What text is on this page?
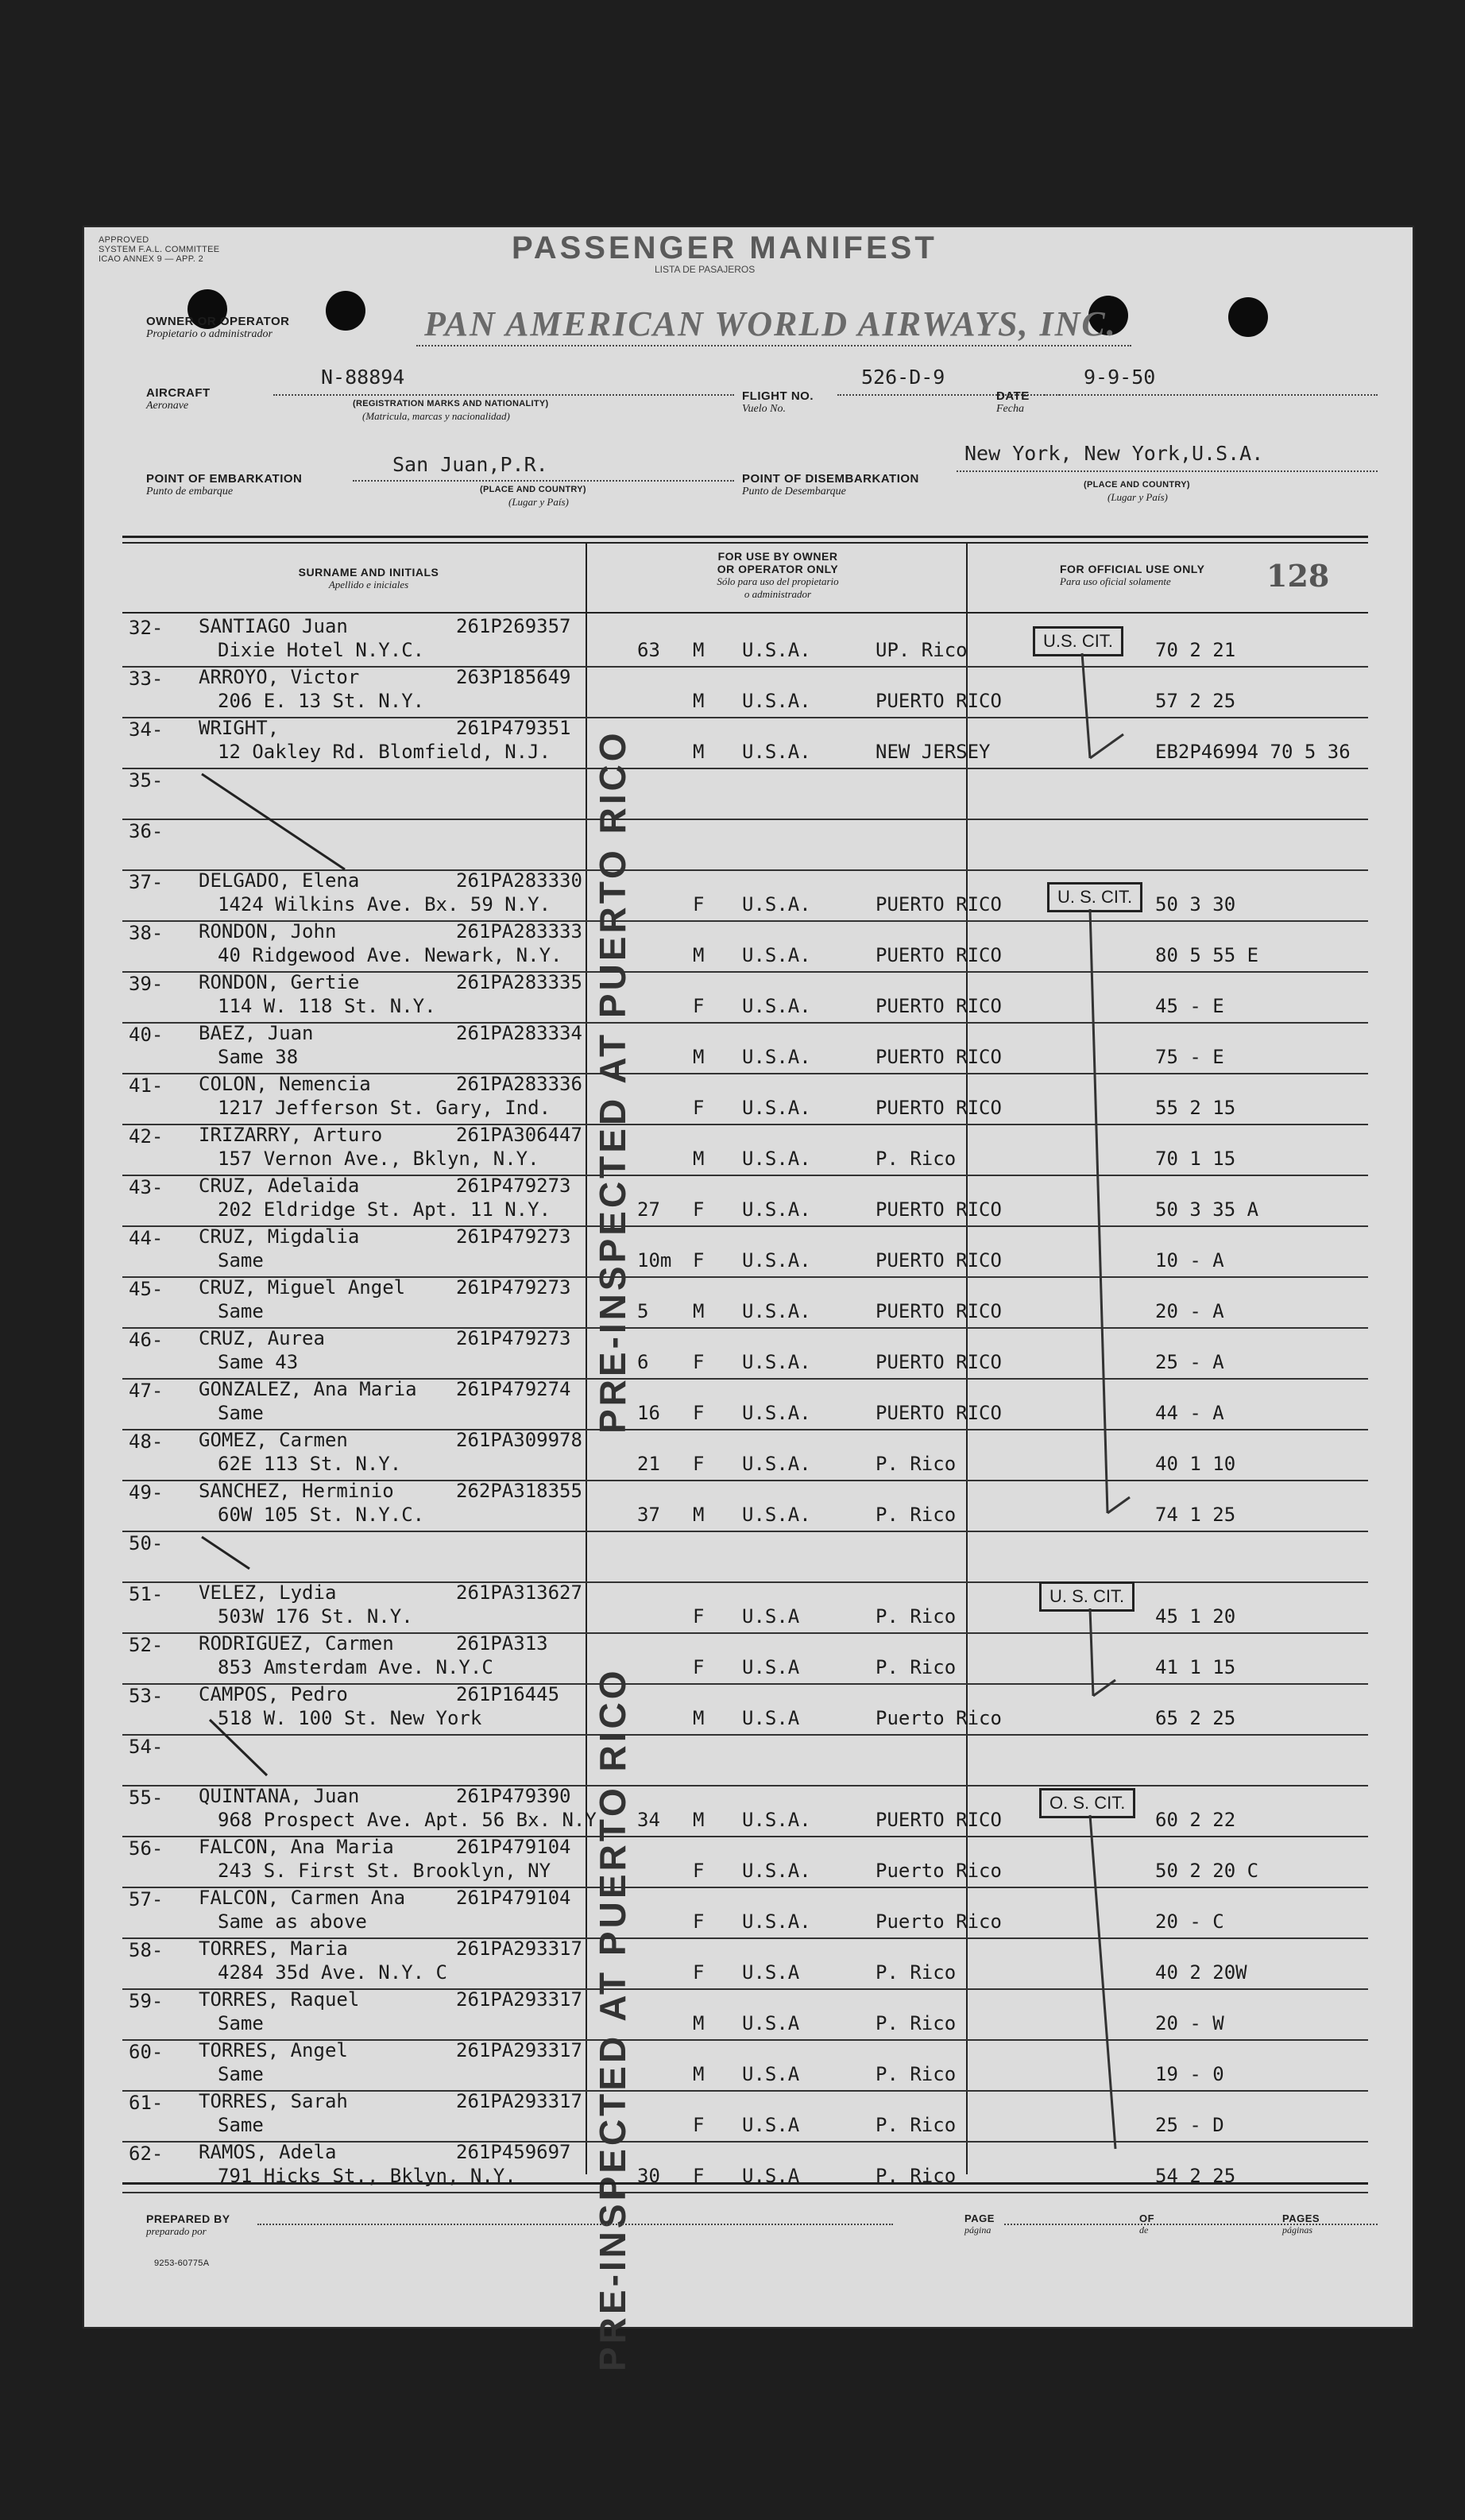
APPROVED
SYSTEM F.A.L. COMMITTEE
ICAO ANNEX 9 — APP. 2	PASSENGER MANIFEST
LISTA DE PASAJEROS
OWNER OR OPERATOR
Propietario o administrador	PAN AMERICAN WORLD AIRWAYS, INC.
AIRCRAFT
Aeronave
N-88894
(REGISTRATION MARKS AND NATIONALITY)
(Matricula, marcas y nacionalidad)
FLIGHT NO.
Vuelo No.
526-D-9
DATE
Fecha
9-9-50
POINT OF EMBARKATION
Punto de embarque
San Juan,P.R.
(PLACE AND COUNTRY)
(Lugar y País)
POINT OF DISEMBARKATION
Punto de Desembarque
New York, New York,U.S.A.
(PLACE AND COUNTRY)
(Lugar y País)
SURNAME AND INITIALS
Apellido e iniciales
FOR USE BY OWNER
OR OPERATOR ONLY
Sólo para uso del propietario
o administrador
FOR OFFICIAL USE ONLY
Para uso oficial solamente	128
32- SANTIAGO Juan	261P269357
Dixie Hotel N.Y.C.	63 M U.S.A.	UP. Rico	70 2 21
33- ARROYO, Victor	263P185649
206 E. 13 St. N.Y.	M U.S.A.	PUERTO RICO	57 2 25
34- WRIGHT,	261P479351
12 Oakley Rd. Blomfield, N.J.	M U.S.A.	NEW JERSEY	EB2P46994 70 5 36
35-
36-
37- DELGADO, Elena	261PA283330
1424 Wilkins Ave. Bx. 59 N.Y.	F U.S.A.	PUERTO RICO	50 3 30
38- RONDON, John	261PA283333
40 Ridgewood Ave. Newark, N.Y.	M U.S.A.	PUERTO RICO	80 5 55 E
39- RONDON, Gertie	261PA283335
114 W. 118 St. N.Y.	F U.S.A.	PUERTO RICO	45 - E
40- BAEZ, Juan	261PA283334
Same 38	M U.S.A.	PUERTO RICO	75 - E
41- COLON, Nemencia	261PA283336
1217 Jefferson St. Gary, Ind.	F U.S.A.	PUERTO RICO	55 2 15
42- IRIZARRY, Arturo	261PA306447
157 Vernon Ave., Bklyn, N.Y.	M U.S.A.	P. Rico	70 1 15
43- CRUZ, Adelaida	261P479273
202 Eldridge St. Apt. 11 N.Y.	27 F U.S.A.	PUERTO RICO	50 3 35 A
44- CRUZ, Migdalia	261P479273
Same	10m F U.S.A.	PUERTO RICO	10 - A
45- CRUZ, Miguel Angel	261P479273
Same	5 M U.S.A.	PUERTO RICO	20 - A
46- CRUZ, Aurea	261P479273
Same 43	6 F U.S.A.	PUERTO RICO	25 - A
47- GONZALEZ, Ana Maria 261P479274
Same	16 F U.S.A.	PUERTO RICO	44 - A
48- GOMEZ, Carmen	261PA309978
62E 113 St. N.Y.	21 F U.S.A.	P. Rico	40 1 10
49- SANCHEZ, Herminio	262PA318355
60W 105 St. N.Y.C.	37 M U.S.A.	P. Rico	74 1 25
50-
51- VELEZ, Lydia	261PA313627
503W 176 St. N.Y.	F U.S.A	P. Rico	45 1 20
52- RODRIGUEZ, Carmen	261PA313
853 Amsterdam Ave. N.Y.C	F U.S.A	P. Rico	41 1 15
53- CAMPOS, Pedro	261P16445
518 W. 100 St. New York	M U.S.A	Puerto Rico	65 2 25
54-
55- QUINTANA, Juan	261P479390
968 Prospect Ave. Apt. 56 Bx. N.Y. 34 M U.S.A.	PUERTO RICO	60 2 22
56- FALCON, Ana Maria	261P479104
243 S. First St. Brooklyn, NY	F U.S.A.	Puerto Rico	50 2 20 C
57- FALCON, Carmen Ana	261P479104
Same as above	F U.S.A.	Puerto Rico	20 - C
58- TORRES, Maria	261PA293317
4284 35d Ave. N.Y. C	F U.S.A	P. Rico	40 2 20W
59- TORRES, Raquel	261PA293317
Same	M U.S.A	P. Rico	20 - W
60- TORRES, Angel	261PA293317
Same	M U.S.A	P. Rico	19 - 0
61- TORRES, Sarah	261PA293317
Same	F U.S.A	P. Rico	25 - D
62- RAMOS, Adela	261P459697
791 Hicks St., Bklyn, N.Y.	30 F U.S.A	P. Rico	54 2 25
PRE-INSPECTED AT PUERTO RICO
PRE-INSPECTED AT PUERTO RICO
U.S. CIT.
U. S. CIT.
U. S. CIT.
O. S. CIT.
PREPARED BY
preparado por
PAGE
página
OF
de
PAGES
páginas
9253-60775A
